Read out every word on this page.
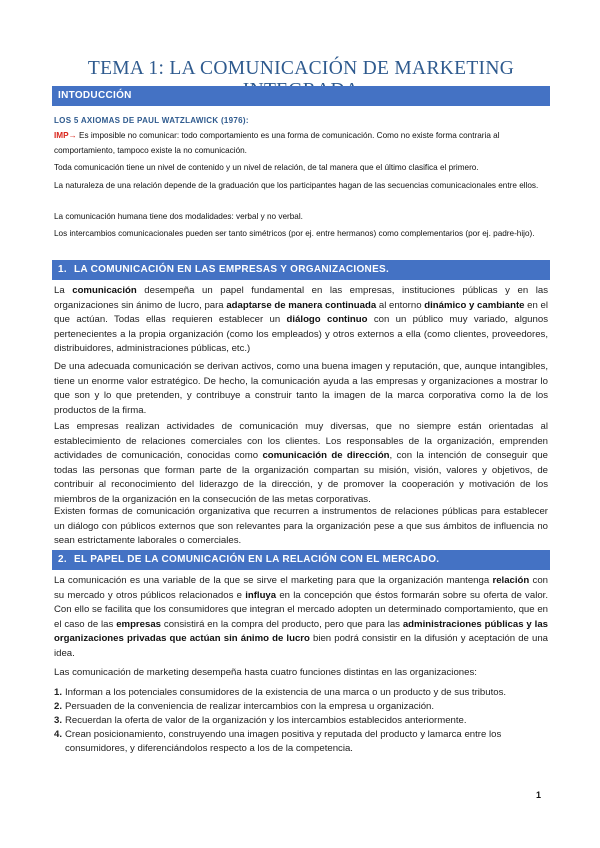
TEMA 1: LA COMUNICACIÓN DE MARKETING
INTODUCCIÓN
LOS 5 AXIOMAS DE PAUL WATZLAWICK (1976):
IMP→ Es imposible no comunicar: todo comportamiento es una forma de comunicación. Como no existe forma contraria al comportamiento, tampoco existe la no comunicación.
Toda comunicación tiene un nivel de contenido y un nivel de relación, de tal manera que el último clasifica el primero.
La naturaleza de una relación depende de la graduación que los participantes hagan de las secuencias comunicacionales entre ellos.
La comunicación humana tiene dos modalidades: verbal y no verbal.
Los intercambios comunicacionales pueden ser tanto simétricos (por ej. entre hermanos) como complementarios (por ej. padre-hijo).
1. LA COMUNICACIÓN EN LAS EMPRESAS Y ORGANIZACIONES.
La comunicación desempeña un papel fundamental en las empresas, instituciones públicas y en las organizaciones sin ánimo de lucro, para adaptarse de manera continuada al entorno dinámico y cambiante en el que actúan. Todas ellas requieren establecer un diálogo continuo con un público muy variado, algunos pertenecientes a la propia organización (como los empleados) y otros externos a ella (como clientes, proveedores, distribuidores, administraciones públicas, etc.)
De una adecuada comunicación se derivan activos, como una buena imagen y reputación, que, aunque intangibles, tiene un enorme valor estratégico. De hecho, la comunicación ayuda a las empresas y organizaciones a mostrar lo que son y lo que pretenden, y contribuye a construir tanto la imagen de la marca corporativa como la de los productos de la firma.
Las empresas realizan actividades de comunicación muy diversas, que no siempre están orientadas al establecimiento de relaciones comerciales con los clientes. Los responsables de la organización, emprenden actividades de comunicación, conocidas como comunicación de dirección, con la intención de conseguir que todas las personas que forman parte de la organización compartan su misión, visión, valores y objetivos, de contribuir al reconocimiento del liderazgo de la dirección, y de promover la cooperación y motivación de los miembros de la organización en la consecución de las metas corporativas.
Existen formas de comunicación organizativa que recurren a instrumentos de relaciones públicas para establecer un diálogo con públicos externos que son relevantes para la organización pese a que sus ámbitos de influencia no sean estrictamente laborales o comerciales.
2. EL PAPEL DE LA COMUNICACIÓN EN LA RELACIÓN CON EL MERCADO.
La comunicación es una variable de la que se sirve el marketing para que la organización mantenga relación con su mercado y otros públicos relacionados e influya en la concepción que éstos formarán sobre su oferta de valor. Con ello se facilita que los consumidores que integran el mercado adopten un determinado comportamiento, que en el caso de las empresas consistirá en la compra del producto, pero que para las administraciones públicas y las organizaciones privadas que actúan sin ánimo de lucro bien podrá consistir en la difusión y aceptación de una idea.
Las comunicación de marketing desempeña hasta cuatro funciones distintas en las organizaciones:
1. Informan a los potenciales consumidores de la existencia de una marca o un producto y de sus tributos.
2. Persuaden de la conveniencia de realizar intercambios con la empresa u organización.
3. Recuerdan la oferta de valor de la organización y los intercambios establecidos anteriormente.
4. Crean posicionamiento, construyendo una imagen positiva y reputada del producto y lamarca entre los consumidores, y diferenciándolos respecto a los de la competencia.
1
